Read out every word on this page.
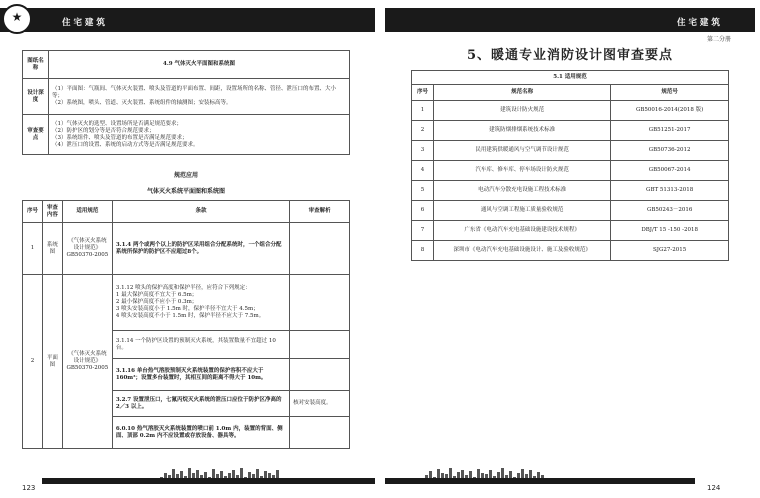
★	住 宅 建 筑
图纸名称	4.9 气体灭火平面图和系统图
设计深度	（1）平面图：气瓶间、气体灭火装置、喷头及管道的平面布置、间距，设置场所的名称、管径、泄压口的布置、大小等；
（2）系统图，喷头、管道、灭火装置、系统组件的轴测图；安装标高等。
审查要点	（1）气体灭火的选型、设置场所是否满足规范要求；
（2）防护区的划分等是否符合规范要求；
（3）系统组件、喷头及管道的布置是否满足规范要求；
（4）泄压口的设置、系统的启动方式等是否满足规范要求。
规范应用
气体灭火系统平面图和系统图
序号	审查内容	适用规范	条款	审查解析
1	系统图	《气体灭火系统设计规范》GB50370-2005	3.1.4 两个或两个以上的防护区采用组合分配系统时，一个组合分配系统所保护的防护区不应超过8个。	
2	平面图	《气体灭火系统设计规范》GB50370-2005	3.1.12 喷头的保护高度和保护半径，应符合下列规定：
1 最大保护高度不宜大于 6.5m；
2 最小保护高度不应小于 0.3m；
3 喷头安装高度小于 1.5m 时，保护半径不宜大于 4.5m；
4 喷头安装高度不小于 1.5m 时，保护半径不应大于 7.5m。	
			3.1.14 一个防护区设置的预制灭火系统，其装置数量不宜超过 10 台。	
			3.1.16 单台热气溶胶预制灭火系统装置的保护容积不应大于 160m³；设置多台装置时，其相互间的距离不得大于 10m。	
			3.2.7 设置泄压口，七氟丙烷灭火系统的泄压口应位于防护区净高的 2／3 以上。	核对安装高度。
			6.0.10 热气溶胶灭火系统装置的喷口前 1.0m 内，装置的背面、侧面、顶部 0.2m 内不应设置或存放设备、器具等。	
123
住 宅 建 筑
第二分册
5、暖通专业消防设计图审查要点
5.1 适用规范		
序号	规范名称	规范号
1	建筑设计防火规范	GB50016-2014(2018 版)
2	建筑防烟排烟系统技术标准	GB51251-2017
3	民用建筑供暖通风与空气调节设计规范	GB50736-2012
4	汽车库、修车库、停车场设计防火规范	GB50067-2014
5	电动汽车分散充电设施工程技术标准	GBT 51313-2018
6	通风与空调工程施工质量验收规范	GB50243－2016
7	广东省《电动汽车充电基础设施建设技术规程》	DBJ/T 15 -150 -2018
8	深圳市《电动汽车充电基础设施设计、施工及验收规范》	SJG27-2015
124
